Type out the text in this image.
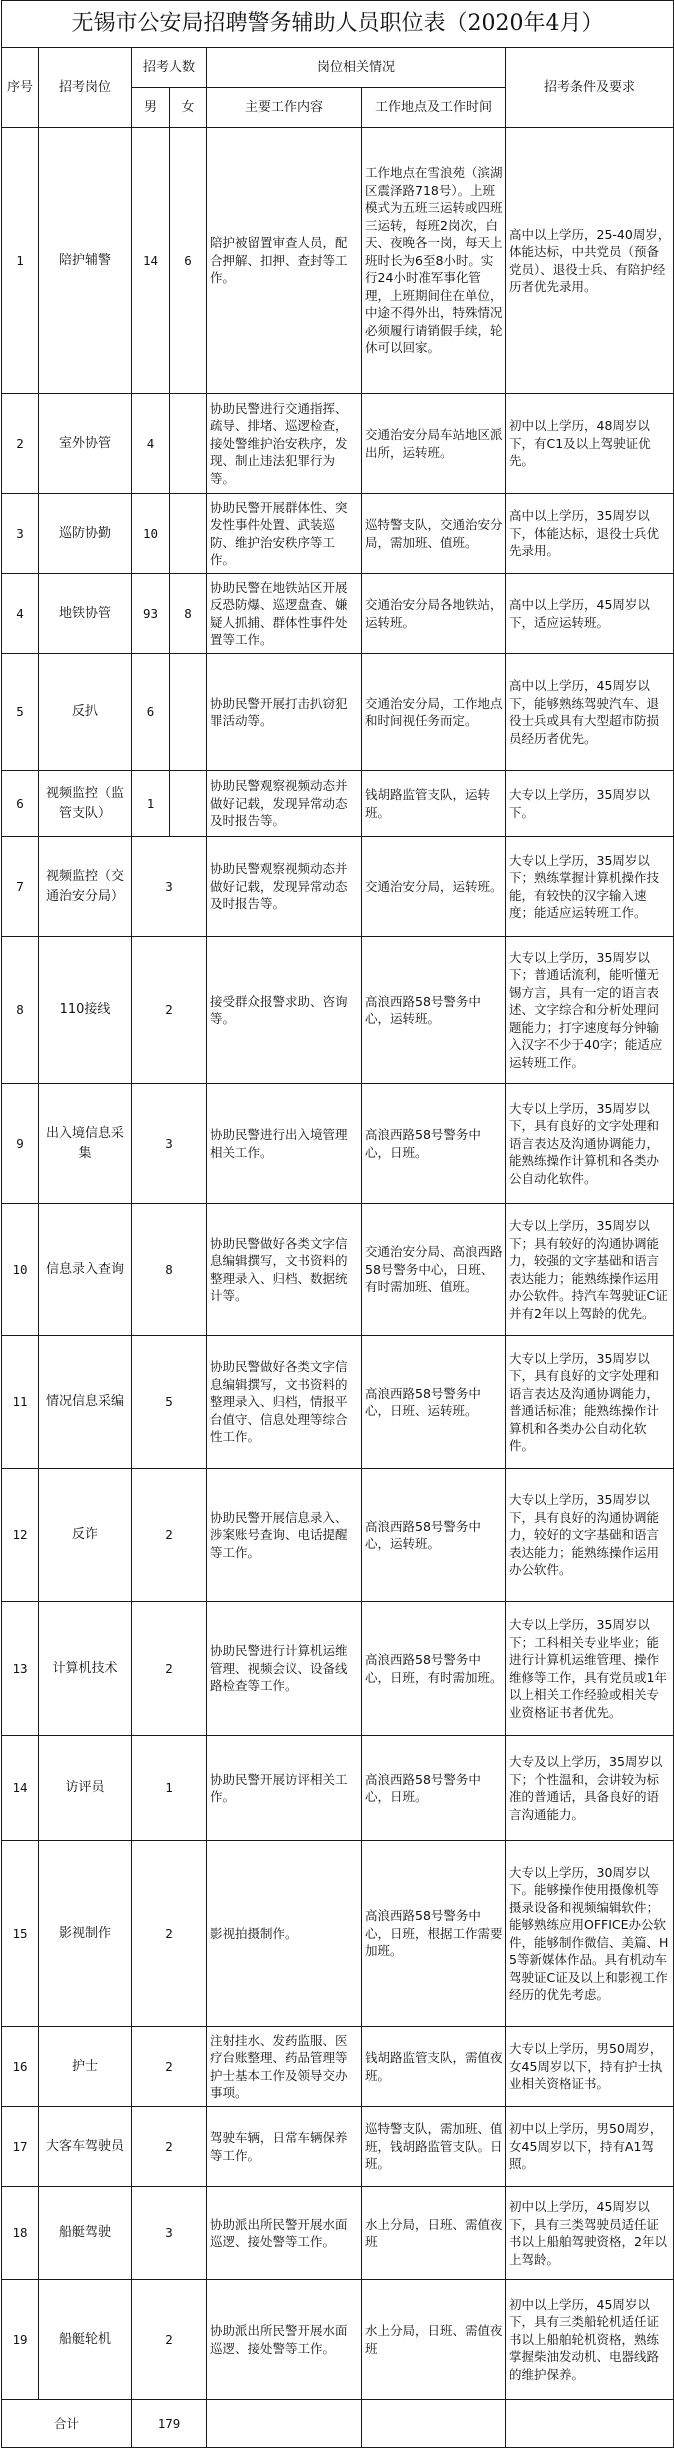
无锡市公安局招聘警务辅助人员职位表（2020年4月）						
序号	招考岗位	招考人数		岗位相关情况		招考条件及要求
		男	女	主要工作内容	工作地点及工作时间	
1	陪护辅警	14	6	陪护被留置审查人员，配合押解、扣押、查封等工作。	工作地点在雪浪苑（滨湖区震泽路718号）。上班模式为五班三运转或四班三运转，每班2岗次，白天、夜晚各一岗，每天上班时长为6至8小时。实行24小时准军事化管理，上班期间住在单位，中途不得外出，特殊情况必须履行请销假手续，轮休可以回家。	高中以上学历，25-40周岁，体能达标，中共党员（预备党员）、退役士兵、有陪护经历者优先录用。
2	室外协管	4		协助民警进行交通指挥、疏导、排堵、巡逻检查，接处警维护治安秩序，发现、制止违法犯罪行为等。	交通治安分局车站地区派出所，运转班。	初中以上学历，48周岁以下，有C1及以上驾驶证优先。
3	巡防协勤	10		协助民警开展群体性、突发性事件处置、武装巡防、维护治安秩序等工作。	巡特警支队，交通治安分局，需加班、值班。	高中以上学历，35周岁以下，体能达标，退役士兵优先录用。
4	地铁协管	93	8	协助民警在地铁站区开展反恐防爆、巡逻盘查、嫌疑人抓捕、群体性事件处置等工作。	交通治安分局各地铁站，运转班。	高中以上学历，45周岁以下，适应运转班。
5	反扒	6		协助民警开展打击扒窃犯罪活动等。	交通治安分局，工作地点和时间视任务而定。	高中以上学历，45周岁以下，能够熟练驾驶汽车、退役士兵或具有大型超市防损员经历者优先。
6	视频监控（监管支队）	1		协助民警观察视频动态并做好记载，发现异常动态及时报告等。	钱胡路监管支队，运转班。	大专以上学历，35周岁以下。
7	视频监控（交通治安分局）	3		协助民警观察视频动态并做好记载，发现异常动态及时报告等。	交通治安分局，运转班。	大专以上学历，35周岁以下；熟练掌握计算机操作技能，有较快的汉字输入速度；能适应运转班工作。
8	110接线	2		接受群众报警求助、咨询等。	高浪西路58号警务中心，运转班。	大专以上学历，35周岁以下；普通话流利，能听懂无锡方言，具有一定的语言表述、文字综合和分析处理问题能力；打字速度每分钟输入汉字不少于40字；能适应运转班工作。
9	出入境信息采集	3		协助民警进行出入境管理相关工作。	高浪西路58号警务中心，日班。	大专以上学历，35周岁以下，具有良好的文字处理和语言表达及沟通协调能力，能熟练操作计算机和各类办公自动化软件。
10	信息录入查询	8		协助民警做好各类文字信息编辑撰写，文书资料的整理录入、归档、数据统计等。	交通治安分局、高浪西路58号警务中心，日班、有时需加班、值班。	大专以上学历，35周岁以下；具有较好的沟通协调能力，较强的文字基础和语言表达能力；能熟练操作运用办公软件。持汽车驾驶证C证并有2年以上驾龄的优先。
11	情况信息采编	5		协助民警做好各类文字信息编辑撰写，文书资料的整理录入、归档，情报平台值守、信息处理等综合性工作。	高浪西路58号警务中心，日班、运转班。	大专以上学历，35周岁以下，具有良好的文字处理和语言表达及沟通协调能力，普通话标准；能熟练操作计算机和各类办公自动化软件。
12	反诈	2		协助民警开展信息录入、涉案账号查询、电话提醒等工作。	高浪西路58号警务中心，运转班。	大专以上学历，35周岁以下，具有良好的沟通协调能力，较好的文字基础和语言表达能力；能熟练操作运用办公软件。
13	计算机技术	2		协助民警进行计算机运维管理、视频会议、设备线路检查等工作。	高浪西路58号警务中心，日班，有时需加班。	大专以上学历，35周岁以下；工科相关专业毕业；能进行计算机运维管理、操作维修等工作，具有党员或1年以上相关工作经验或相关专业资格证书者优先。
14	访评员	1		协助民警开展访评相关工作。	高浪西路58号警务中心，日班。	大专及以上学历，35周岁以下；个性温和，会讲较为标准的普通话，具备良好的语言沟通能力。
15	影视制作	2		影视拍摄制作。	高浪西路58号警务中心，日班，根据工作需要加班。	大专以上学历，30周岁以下。能够操作使用摄像机等摄录设备和视频编辑软件；能够熟练应用OFFICE办公软件，能够制作微信、美篇、H5等新媒体作品。具有机动车驾驶证C证及以上和影视工作经历的优先考虑。
16	护士	2		注射挂水、发药监服、医疗台账整理、药品管理等护士基本工作及领导交办事项。	钱胡路监管支队，需值夜班。	大专以上学历，男50周岁，女45周岁以下，持有护士执业相关资格证书。
17	大客车驾驶员	2		驾驶车辆，日常车辆保养等工作。	巡特警支队，需加班、值班，钱胡路监管支队。日班。	初中以上学历，男50周岁，女45周岁以下，持有A1驾照。
18	船艇驾驶	3		协助派出所民警开展水面巡逻、接处警等工作。	水上分局，日班、需值夜班	初中以上学历，45周岁以下，具有三类驾驶员适任证书以上船舶驾驶资格，2年以上驾龄。
19	船艇轮机	2		协助派出所民警开展水面巡逻、接处警等工作。	水上分局，日班、需值夜班	初中以上学历，45周岁以下，具有三类船轮机适任证书以上船舶轮机资格，熟练掌握柴油发动机、电器线路的维护保养。
合计		179				
